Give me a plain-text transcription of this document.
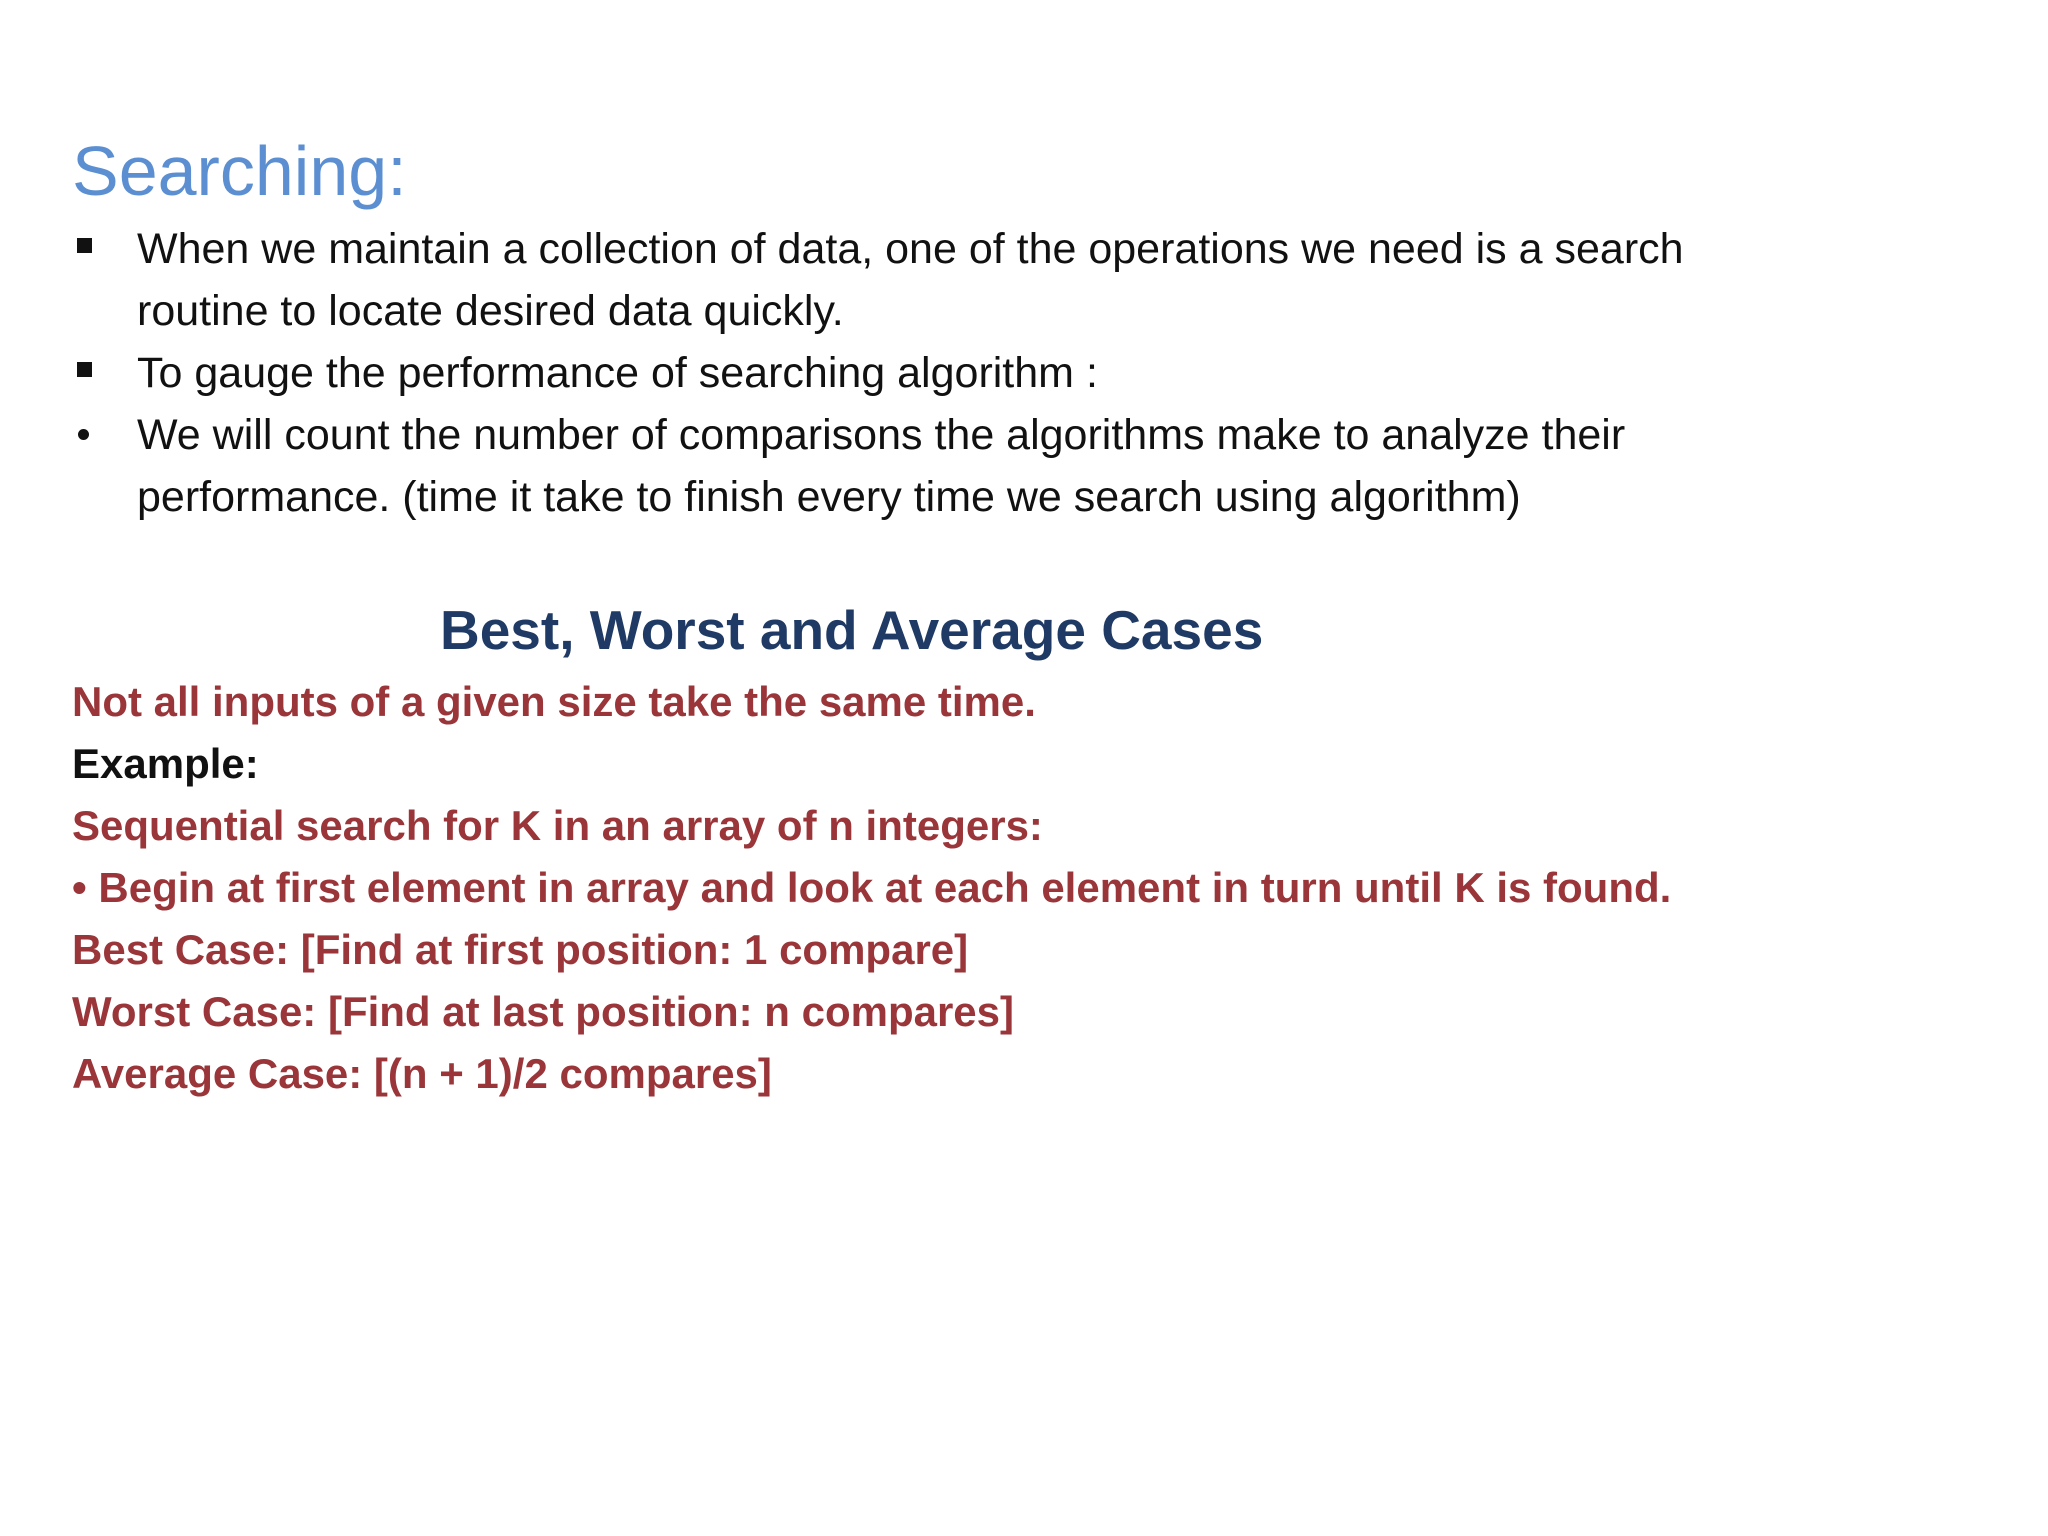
Searching:
When we maintain a collection of data, one of the operations we need is a search
routine to locate desired data quickly.
To gauge the performance of searching algorithm :
We will count the number of comparisons the algorithms make to analyze their
performance. (time it take to finish every time we search using algorithm)
Best, Worst and Average Cases
Not all inputs of a given size take the same time.
Example:
Sequential search for K in an array of n integers:
• Begin at first element in array and look at each element in turn until K is found.
Best Case: [Find at first position: 1 compare]
Worst Case: [Find at last position: n compares]
Average Case: [(n + 1)/2 compares]
